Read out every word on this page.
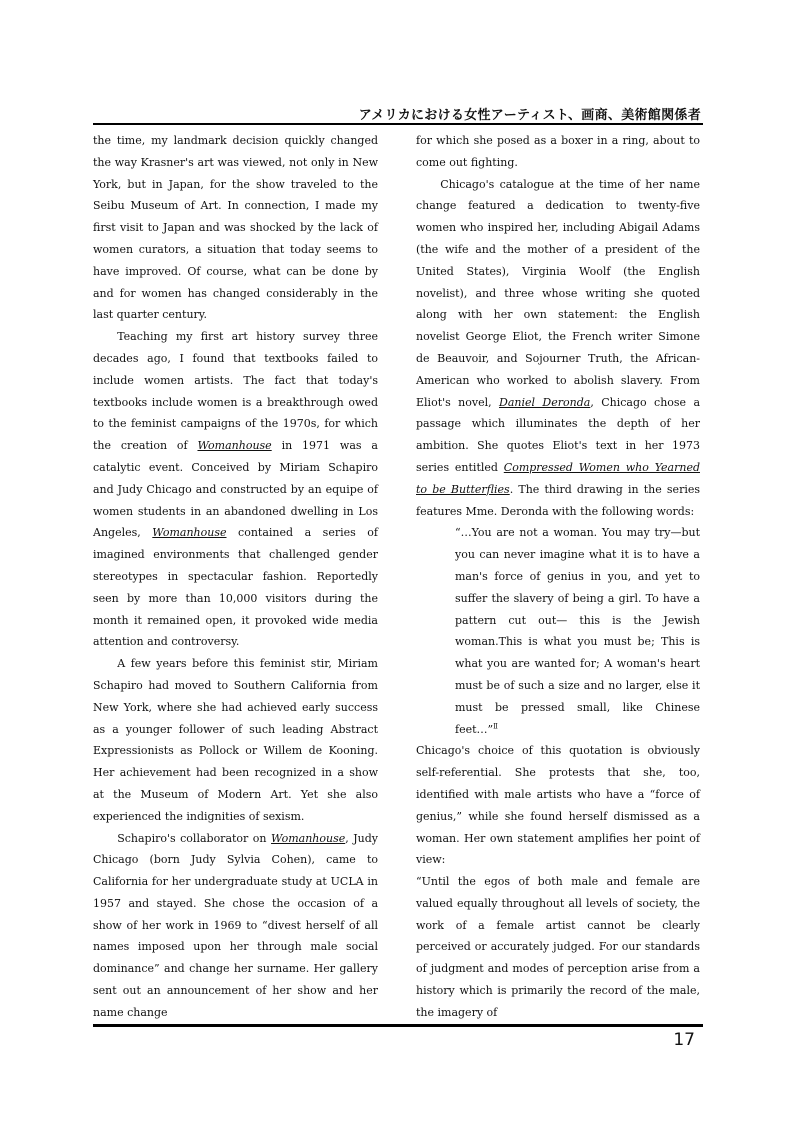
アメリカにおける女性アーティスト、画商、美術館関係者

the time, my landmark decision quickly changed the way Krasner's art was viewed, not only in New York, but in Japan, for the show traveled to the Seibu Museum of Art. In connection, I made my first visit to Japan and was shocked by the lack of women curators, a situation that today seems to have improved. Of course, what can be done by and for women has changed considerably in the last quarter century.

Teaching my first art history survey three decades ago, I found that textbooks failed to include women artists. The fact that today's textbooks include women is a breakthrough owed to the feminist campaigns of the 1970s, for which the creation of Womanhouse in 1971 was a catalytic event. Conceived by Miriam Schapiro and Judy Chicago and constructed by an equipe of women students in an abandoned dwelling in Los Angeles, Womanhouse contained a series of imagined environments that challenged gender stereotypes in spectacular fashion. Reportedly seen by more than 10,000 visitors during the month it remained open, it provoked wide media attention and controversy.

A few years before this feminist stir, Miriam Schapiro had moved to Southern California from New York, where she had achieved early success as a younger follower of such leading Abstract Expressionists as Pollock or Willem de Kooning. Her achievement had been recognized in a show at the Museum of Modern Art. Yet she also experienced the indignities of sexism.

Schapiro's collaborator on Womanhouse, Judy Chicago (born Judy Sylvia Cohen), came to California for her undergraduate study at UCLA in 1957 and stayed. She chose the occasion of a show of her work in 1969 to “divest herself of all names imposed upon her through male social dominance” and change her surname. Her gallery sent out an announcement of her show and her name change

for which she posed as a boxer in a ring, about to come out fighting.

Chicago's catalogue at the time of her name change featured a dedication to twenty-five women who inspired her, including Abigail Adams (the wife and the mother of a president of the United States), Virginia Woolf (the English novelist), and three whose writing she quoted along with her own statement: the English novelist George Eliot, the French writer Simone de Beauvoir, and Sojourner Truth, the African-American who worked to abolish slavery. From Eliot's novel, Daniel Deronda, Chicago chose a passage which illuminates the depth of her ambition. She quotes Eliot's text in her 1973 series entitled Compressed Women who Yearned to be Butterflies. The third drawing in the series features Mme. Deronda with the following words:

“…You are not a woman. You may try—but you can never imagine what it is to have a man's force of genius in you, and yet to suffer the slavery of being a girl. To have a pattern cut out— this is the Jewish woman.This is what you must be; This is what you are wanted for; A woman's heart must be of such a size and no larger, else it must be pressed small, like Chinese feet…”$^Ⅱ$

Chicago's choice of this quotation is obviously self-referential. She protests that she, too, identified with male artists who have a “force of genius,” while she found herself dismissed as a woman. Her own statement amplifies her point of view:

“Until the egos of both male and female are valued equally throughout all levels of society, the work of a female artist cannot be clearly perceived or accurately judged. For our standards of judgment and modes of perception arise from a history which is primarily the record of the male, the imagery of

17
